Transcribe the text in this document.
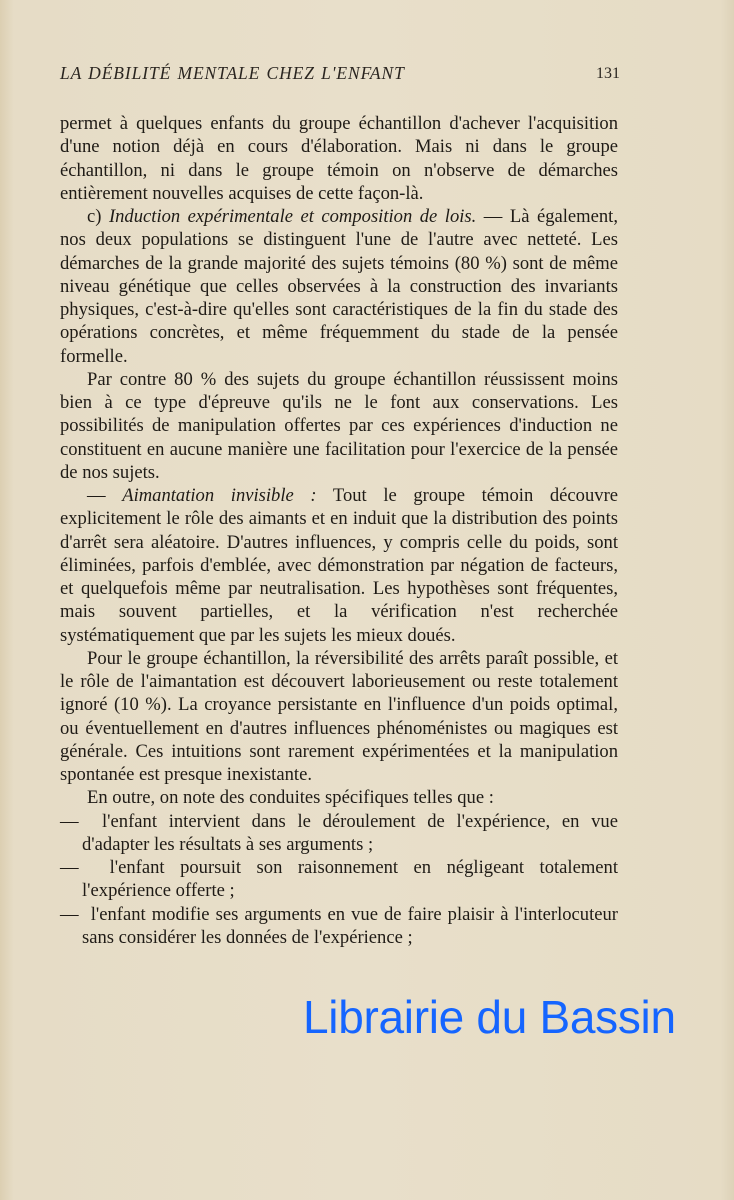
LA DÉBILITÉ MENTALE CHEZ L'ENFANT	131

permet à quelques enfants du groupe échantillon d'achever l'acquisition d'une notion déjà en cours d'élaboration. Mais ni dans le groupe échantillon, ni dans le groupe témoin on n'observe de démarches entièrement nouvelles acquises de cette façon-là.

c) Induction expérimentale et composition de lois. — Là également, nos deux populations se distinguent l'une de l'autre avec netteté. Les démarches de la grande majorité des sujets témoins (80 %) sont de même niveau génétique que celles observées à la construction des invariants physiques, c'est-à-dire qu'elles sont caractéristiques de la fin du stade des opérations concrètes, et même fréquemment du stade de la pensée formelle.

Par contre 80 % des sujets du groupe échantillon réussissent moins bien à ce type d'épreuve qu'ils ne le font aux conservations. Les possibilités de manipulation offertes par ces expériences d'induction ne constituent en aucune manière une facilitation pour l'exercice de la pensée de nos sujets.

— Aimantation invisible : Tout le groupe témoin découvre explicitement le rôle des aimants et en induit que la distribution des points d'arrêt sera aléatoire. D'autres influences, y compris celle du poids, sont éliminées, parfois d'emblée, avec démonstration par négation de facteurs, et quelquefois même par neutralisation. Les hypothèses sont fréquentes, mais souvent partielles, et la vérification n'est recherchée systématiquement que par les sujets les mieux doués.

Pour le groupe échantillon, la réversibilité des arrêts paraît possible, et le rôle de l'aimantation est découvert laborieusement ou reste totalement ignoré (10 %). La croyance persistante en l'influence d'un poids optimal, ou éventuellement en d'autres influences phénoménistes ou magiques est générale. Ces intuitions sont rarement expérimentées et la manipulation spontanée est presque inexistante.

En outre, on note des conduites spécifiques telles que :

— l'enfant intervient dans le déroulement de l'expérience, en vue d'adapter les résultats à ses arguments ;

— l'enfant poursuit son raisonnement en négligeant totalement l'expérience offerte ;

— l'enfant modifie ses arguments en vue de faire plaisir à l'interlocuteur sans considérer les données de l'expérience ;

Librairie du Bassin
